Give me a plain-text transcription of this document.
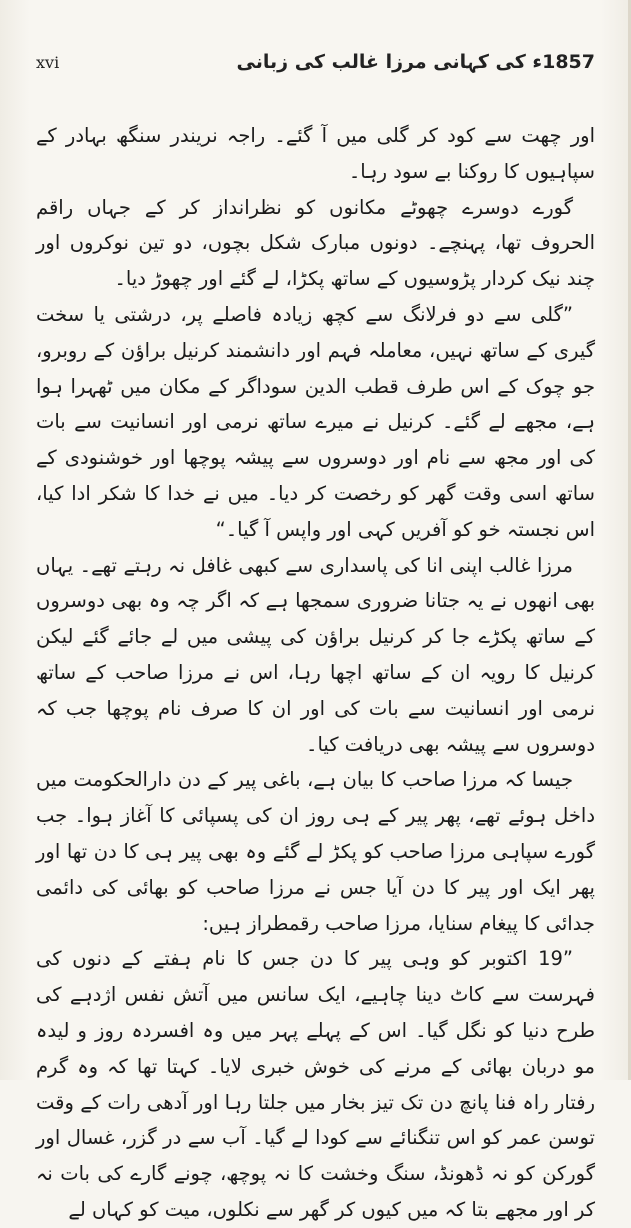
xvi	1857ء کی کہانی مرزا غالب کی زبانی

اور چھت سے کود کر گلی میں آ گئے۔ راجہ نریندر سنگھ بہادر کے سپاہیوں کا روکنا بے سود رہا۔

گورے دوسرے چھوٹے مکانوں کو نظرانداز کر کے جہاں راقم الحروف تھا، پہنچے۔ دونوں مبارک شکل بچوں، دو تین نوکروں اور چند نیک کردار پڑوسیوں کے ساتھ پکڑا، لے گئے اور چھوڑ دیا۔

”گلی سے دو فرلانگ سے کچھ زیادہ فاصلے پر، درشتی یا سخت گیری کے ساتھ نہیں، معاملہ فہم اور دانشمند کرنیل براؤن کے روبرو، جو چوک کے اس طرف قطب الدین سوداگر کے مکان میں ٹھہرا ہوا ہے، مجھے لے گئے۔ کرنیل نے میرے ساتھ نرمی اور انسانیت سے بات کی اور مجھ سے نام اور دوسروں سے پیشہ پوچھا اور خوشنودی کے ساتھ اسی وقت گھر کو رخصت کر دیا۔ میں نے خدا کا شکر ادا کیا، اس نجستہ خو کو آفریں کہی اور واپس آ گیا۔“

مرزا غالب اپنی انا کی پاسداری سے کبھی غافل نہ رہتے تھے۔ یہاں بھی انھوں نے یہ جتانا ضروری سمجھا ہے کہ اگر چہ وہ بھی دوسروں کے ساتھ پکڑے جا کر کرنیل براؤن کی پیشی میں لے جائے گئے لیکن کرنیل کا رویہ ان کے ساتھ اچھا رہا، اس نے مرزا صاحب کے ساتھ نرمی اور انسانیت سے بات کی اور ان کا صرف نام پوچھا جب کہ دوسروں سے پیشہ بھی دریافت کیا۔

جیسا کہ مرزا صاحب کا بیان ہے، باغی پیر کے دن دارالحکومت میں داخل ہوئے تھے، پھر پیر کے ہی روز ان کی پسپائی کا آغاز ہوا۔ جب گورے سپاہی مرزا صاحب کو پکڑ لے گئے وہ بھی پیر ہی کا دن تھا اور پھر ایک اور پیر کا دن آیا جس نے مرزا صاحب کو بھائی کی دائمی جدائی کا پیغام سنایا، مرزا صاحب رقمطراز ہیں:

”19 اکتوبر کو وہی پیر کا دن جس کا نام ہفتے کے دنوں کی فہرست سے کاٹ دینا چاہیے، ایک سانس میں آتش نفس اژدہے کی طرح دنیا کو نگل گیا۔ اس کے پہلے پہر میں وہ افسردہ روز و لیدہ مو دربان بھائی کے مرنے کی خوش خبری لایا۔ کہتا تھا کہ وہ گرم رفتار راہ فنا پانچ دن تک تیز بخار میں جلتا رہا اور آدھی رات کے وقت توسن عمر کو اس تنگنائے سے کودا لے گیا۔ آب سے در گزر، غسال اور گورکن کو نہ ڈھونڈ، سنگ وخشت کا نہ پوچھ، چونے گارے کی بات نہ کر اور مجھے بتا کہ میں کیوں کر گھر سے نکلوں، میت کو کہاں لے
